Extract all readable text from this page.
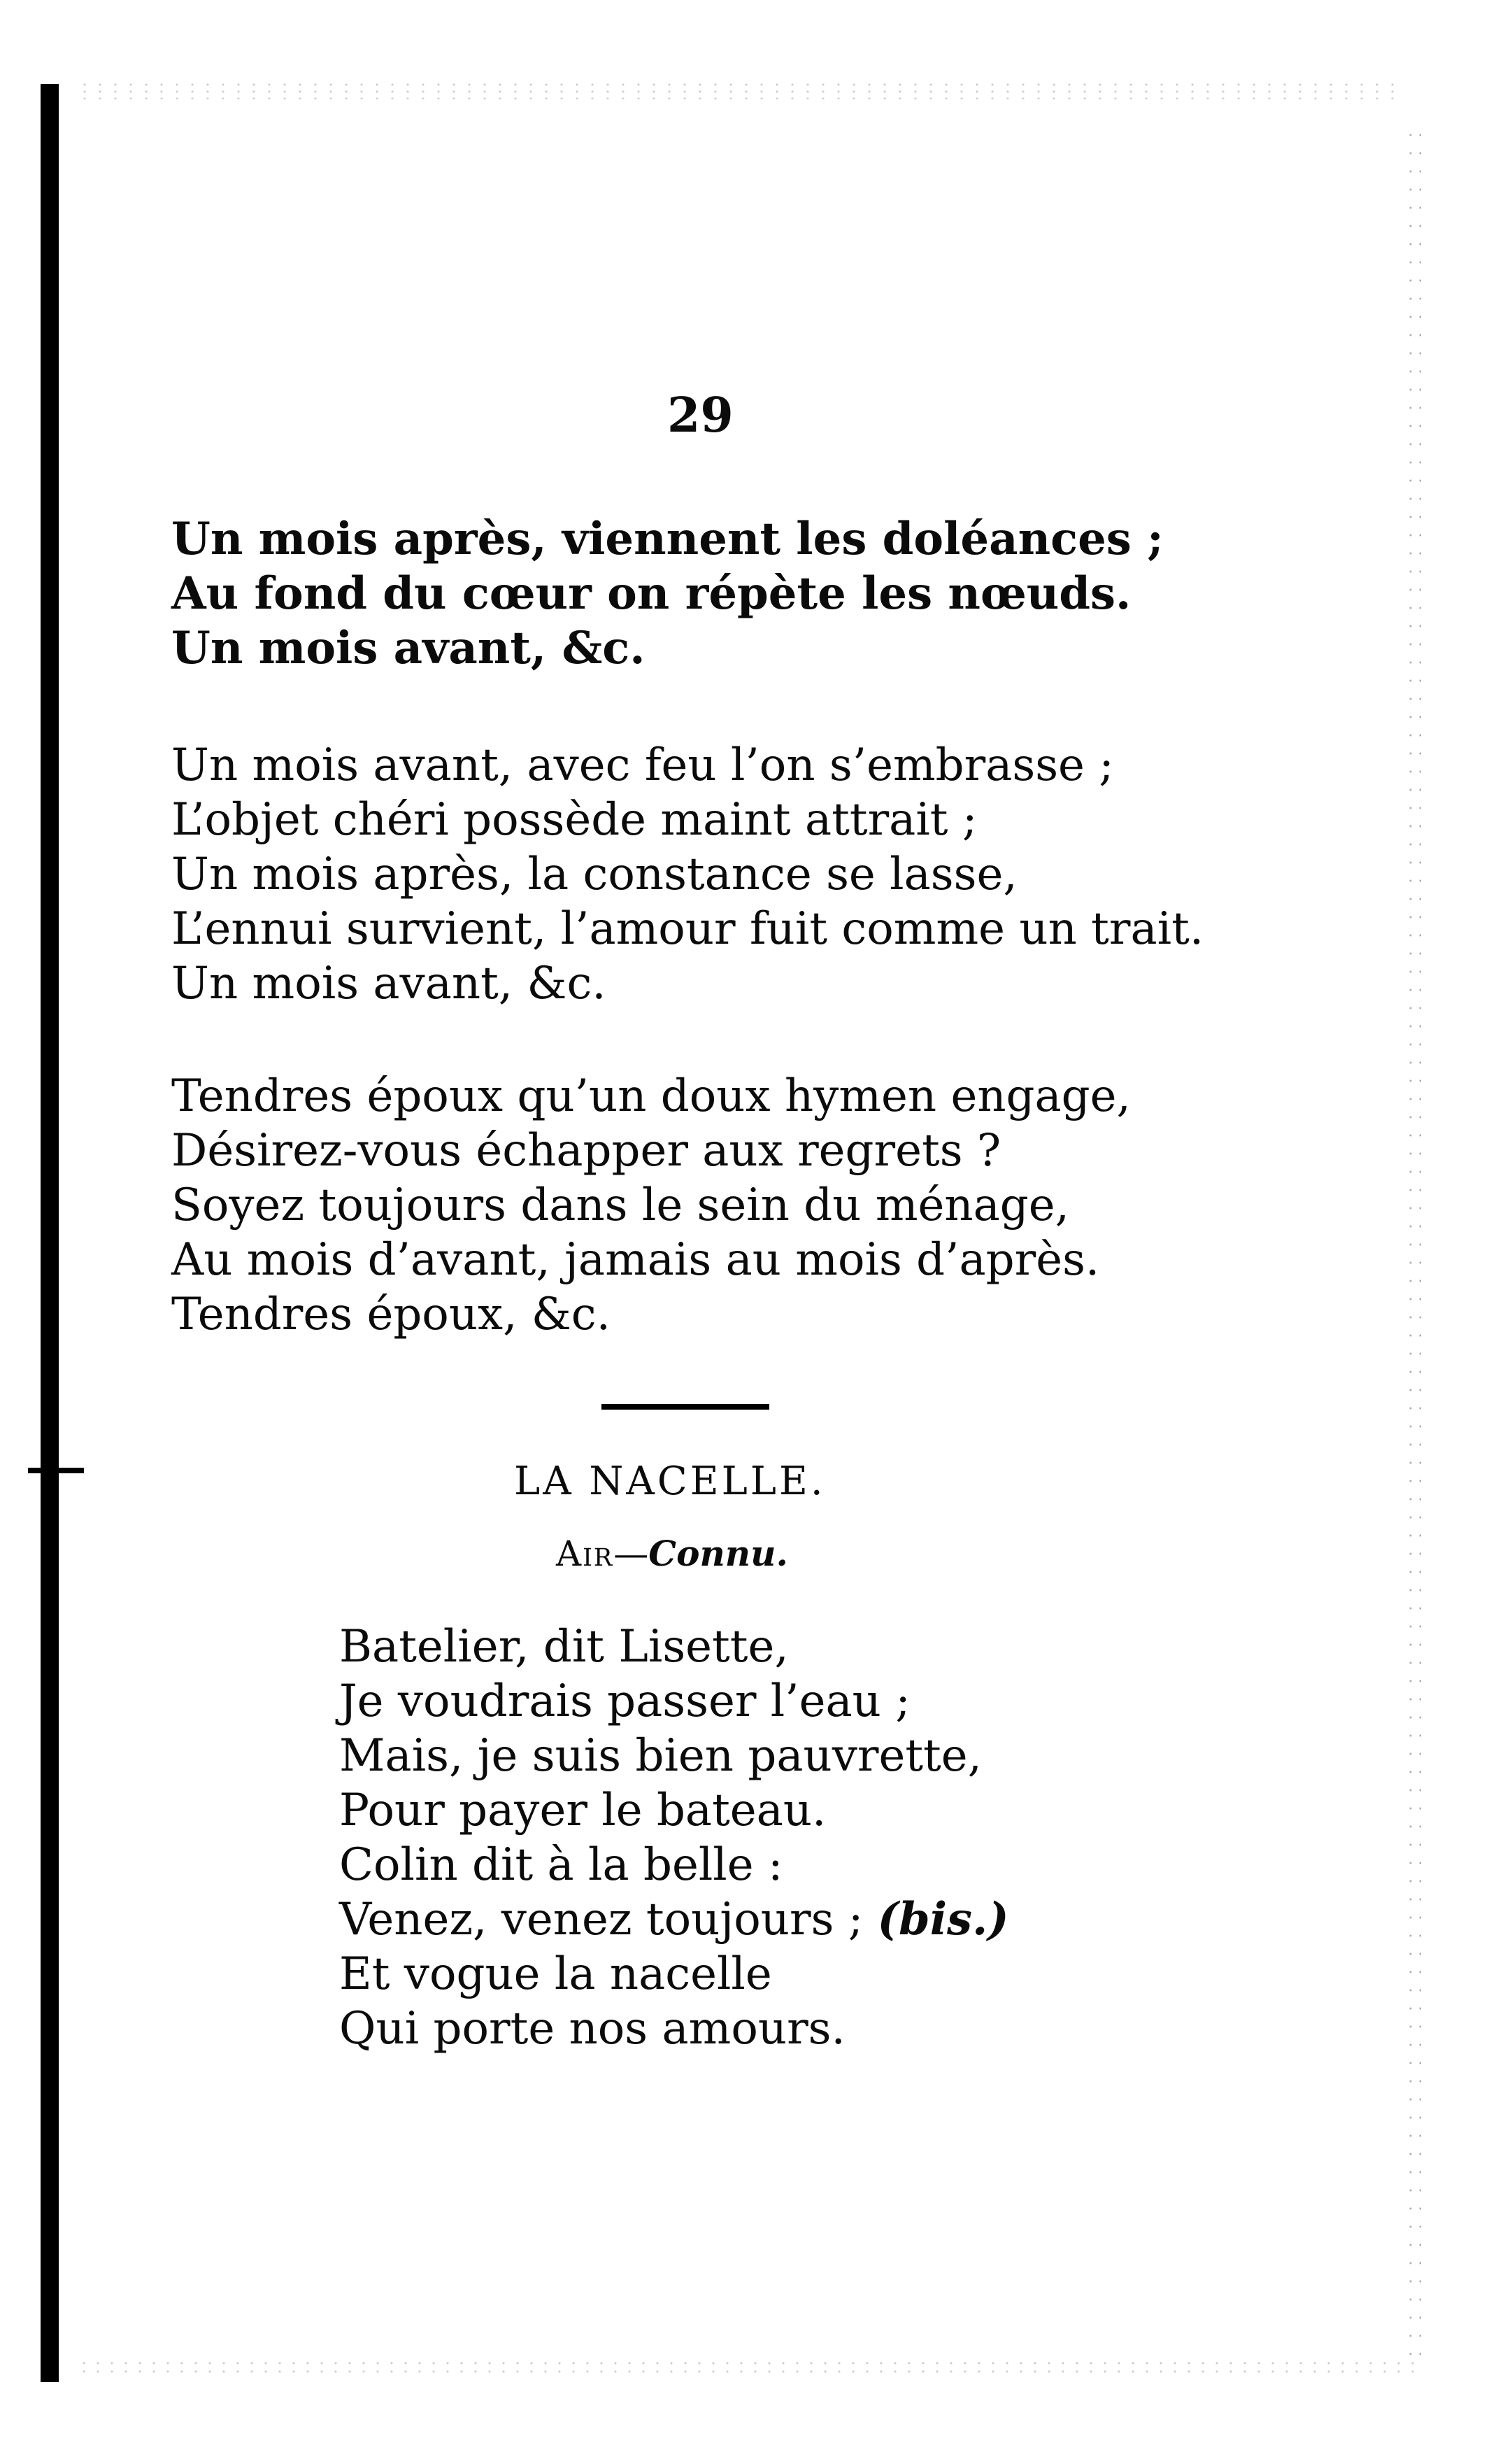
29
Un mois après, viennent les doléances ;
Au fond du cœur on répète les nœuds.
Un mois avant, &c.
Un mois avant, avec feu l’on s’embrasse ;
L’objet chéri possède maint attrait ;
Un mois après, la constance se lasse,
L’ennui survient, l’amour fuit comme un trait.
Un mois avant, &c.
Tendres époux qu’un doux hymen engage,
Désirez-vous échapper aux regrets ?
Soyez toujours dans le sein du ménage,
Au mois d’avant, jamais au mois d’après.
Tendres époux, &c.
LA NACELLE.
Air—Connu.
Batelier, dit Lisette,
Je voudrais passer l’eau ;
Mais, je suis bien pauvrette,
Pour payer le bateau.
Colin dit à la belle :
Venez, venez toujours ; (bis.)
Et vogue la nacelle
Qui porte nos amours.
